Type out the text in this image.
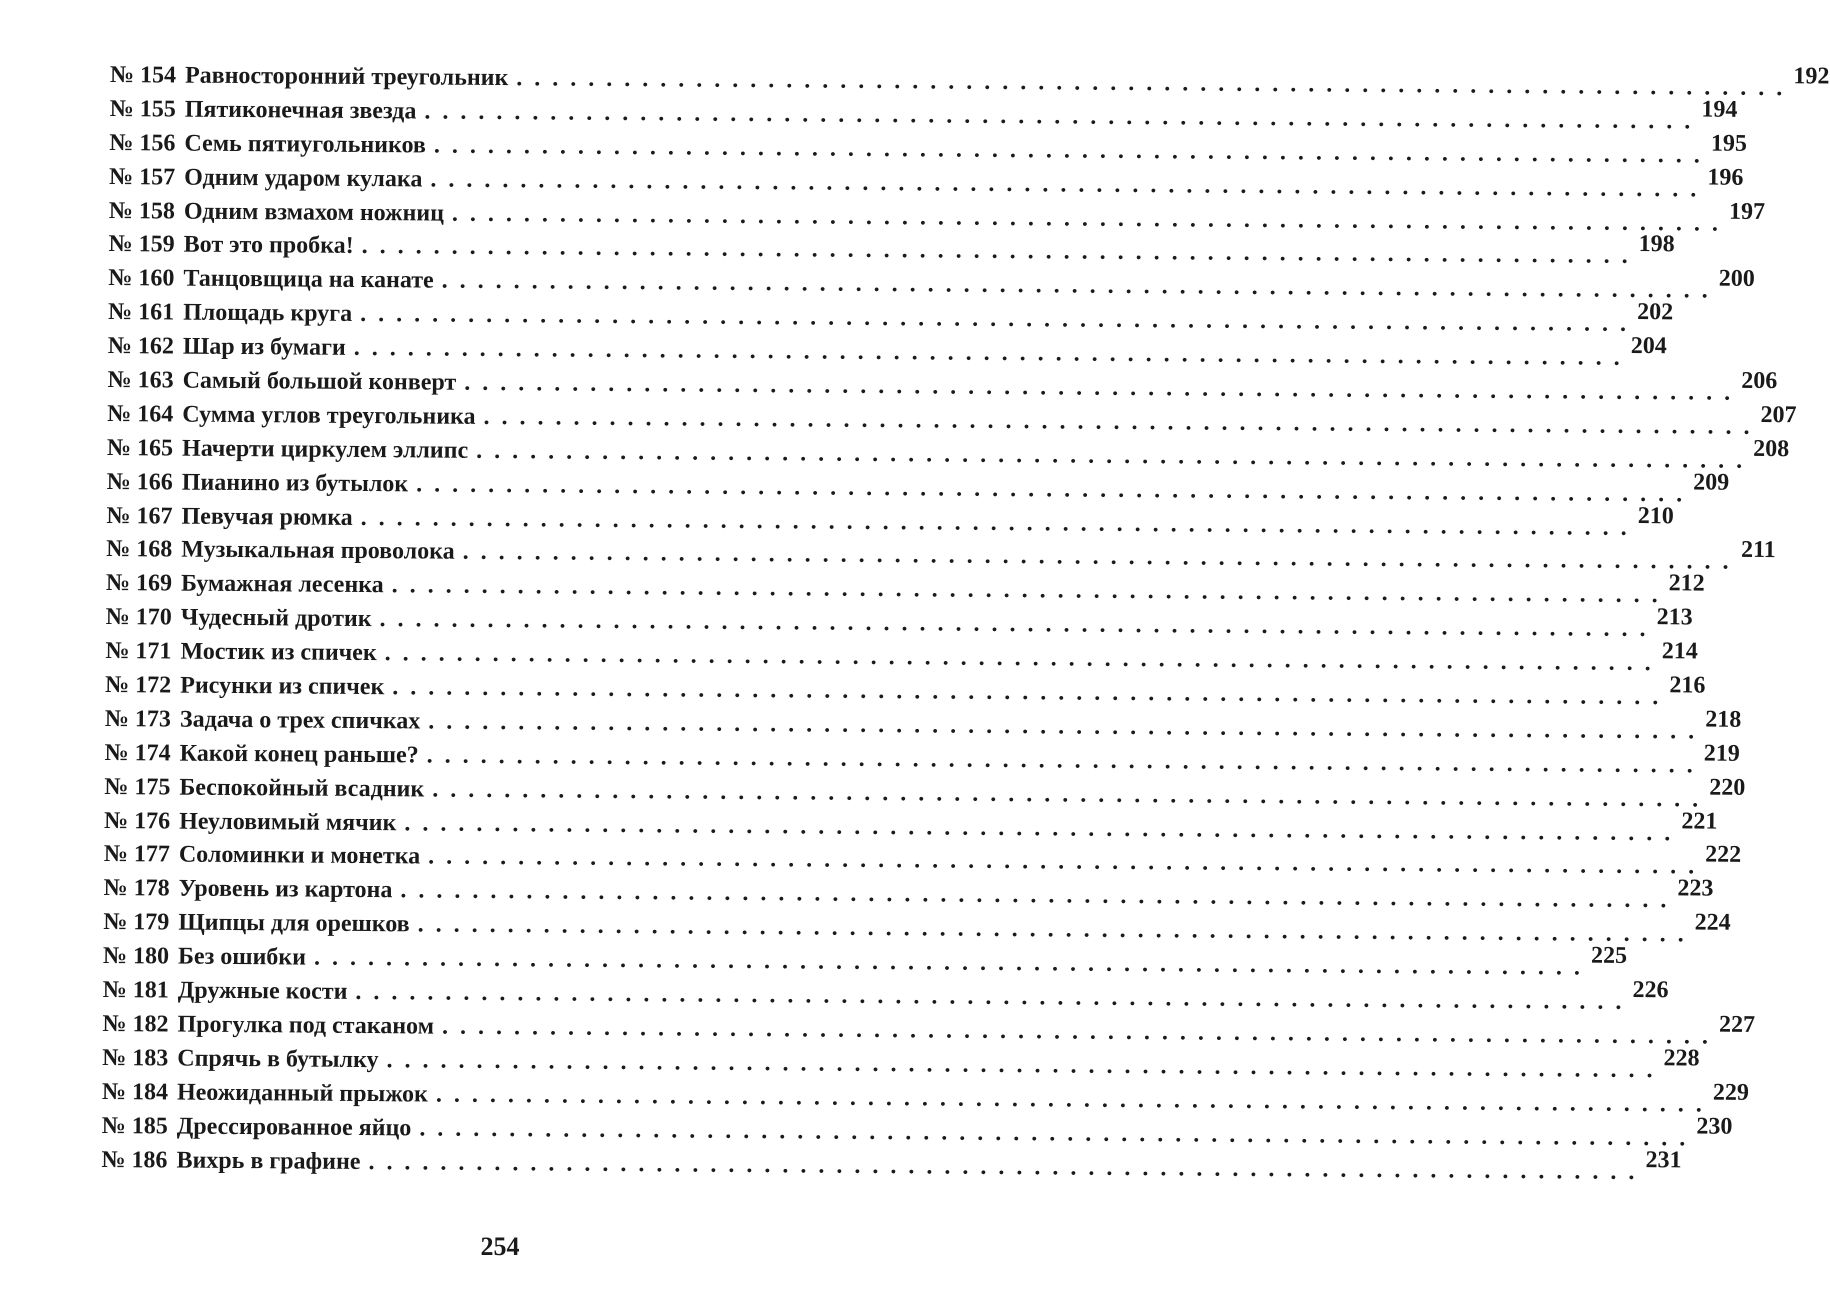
№ 154 Равносторонний треугольник . . . . . . . . . . . . . . . . . . . . . . . . . . . . . . . . . . . . . . . . . . . . . . . . . . . . . . . . . . . . . . . . . . . . . . . 192
№ 155 Пятиконечная звезда . . . . . . . . . . . . . . . . . . . . . . . . . . . . . . . . . . . . . . . . . . . . . . . . . . . . . . . . . . . . . . . . . . . . . . . 194
№ 156 Семь пятиугольников . . . . . . . . . . . . . . . . . . . . . . . . . . . . . . . . . . . . . . . . . . . . . . . . . . . . . . . . . . . . . . . . . . . . . . . 195
№ 157 Одним ударом кулака . . . . . . . . . . . . . . . . . . . . . . . . . . . . . . . . . . . . . . . . . . . . . . . . . . . . . . . . . . . . . . . . . . . . . . . 196
№ 158 Одним взмахом ножниц . . . . . . . . . . . . . . . . . . . . . . . . . . . . . . . . . . . . . . . . . . . . . . . . . . . . . . . . . . . . . . . . . . . . . . . 197
№ 159 Вот это пробка! . . . . . . . . . . . . . . . . . . . . . . . . . . . . . . . . . . . . . . . . . . . . . . . . . . . . . . . . . . . . . . . . . . . . . . . 198
№ 160 Танцовщица на канате . . . . . . . . . . . . . . . . . . . . . . . . . . . . . . . . . . . . . . . . . . . . . . . . . . . . . . . . . . . . . . . . . . . . . . . 200
№ 161 Площадь круга . . . . . . . . . . . . . . . . . . . . . . . . . . . . . . . . . . . . . . . . . . . . . . . . . . . . . . . . . . . . . . . . . . . . . . . 202
№ 162 Шар из бумаги . . . . . . . . . . . . . . . . . . . . . . . . . . . . . . . . . . . . . . . . . . . . . . . . . . . . . . . . . . . . . . . . . . . . . . . 204
№ 163 Самый большой конверт . . . . . . . . . . . . . . . . . . . . . . . . . . . . . . . . . . . . . . . . . . . . . . . . . . . . . . . . . . . . . . . . . . . . . . . 206
№ 164 Сумма углов треугольника . . . . . . . . . . . . . . . . . . . . . . . . . . . . . . . . . . . . . . . . . . . . . . . . . . . . . . . . . . . . . . . . . . . . . . . 207
№ 165 Начерти циркулем эллипс . . . . . . . . . . . . . . . . . . . . . . . . . . . . . . . . . . . . . . . . . . . . . . . . . . . . . . . . . . . . . . . . . . . . . . . 208
№ 166 Пианино из бутылок . . . . . . . . . . . . . . . . . . . . . . . . . . . . . . . . . . . . . . . . . . . . . . . . . . . . . . . . . . . . . . . . . . . . . . . 209
№ 167 Певучая рюмка . . . . . . . . . . . . . . . . . . . . . . . . . . . . . . . . . . . . . . . . . . . . . . . . . . . . . . . . . . . . . . . . . . . . . . . 210
№ 168 Музыкальная проволока . . . . . . . . . . . . . . . . . . . . . . . . . . . . . . . . . . . . . . . . . . . . . . . . . . . . . . . . . . . . . . . . . . . . . . . 211
№ 169 Бумажная лесенка . . . . . . . . . . . . . . . . . . . . . . . . . . . . . . . . . . . . . . . . . . . . . . . . . . . . . . . . . . . . . . . . . . . . . . . 212
№ 170 Чудесный дротик . . . . . . . . . . . . . . . . . . . . . . . . . . . . . . . . . . . . . . . . . . . . . . . . . . . . . . . . . . . . . . . . . . . . . . . 213
№ 171 Мостик из спичек . . . . . . . . . . . . . . . . . . . . . . . . . . . . . . . . . . . . . . . . . . . . . . . . . . . . . . . . . . . . . . . . . . . . . . . 214
№ 172 Рисунки из спичек . . . . . . . . . . . . . . . . . . . . . . . . . . . . . . . . . . . . . . . . . . . . . . . . . . . . . . . . . . . . . . . . . . . . . . . 216
№ 173 Задача о трех спичках . . . . . . . . . . . . . . . . . . . . . . . . . . . . . . . . . . . . . . . . . . . . . . . . . . . . . . . . . . . . . . . . . . . . . . . 218
№ 174 Какой конец раньше? . . . . . . . . . . . . . . . . . . . . . . . . . . . . . . . . . . . . . . . . . . . . . . . . . . . . . . . . . . . . . . . . . . . . . . . 219
№ 175 Беспокойный всадник . . . . . . . . . . . . . . . . . . . . . . . . . . . . . . . . . . . . . . . . . . . . . . . . . . . . . . . . . . . . . . . . . . . . . . . 220
№ 176 Неуловимый мячик . . . . . . . . . . . . . . . . . . . . . . . . . . . . . . . . . . . . . . . . . . . . . . . . . . . . . . . . . . . . . . . . . . . . . . . 221
№ 177 Соломинки и монетка . . . . . . . . . . . . . . . . . . . . . . . . . . . . . . . . . . . . . . . . . . . . . . . . . . . . . . . . . . . . . . . . . . . . . . . 222
№ 178 Уровень из картона . . . . . . . . . . . . . . . . . . . . . . . . . . . . . . . . . . . . . . . . . . . . . . . . . . . . . . . . . . . . . . . . . . . . . . . 223
№ 179 Щипцы для орешков . . . . . . . . . . . . . . . . . . . . . . . . . . . . . . . . . . . . . . . . . . . . . . . . . . . . . . . . . . . . . . . . . . . . . . . 224
№ 180 Без ошибки . . . . . . . . . . . . . . . . . . . . . . . . . . . . . . . . . . . . . . . . . . . . . . . . . . . . . . . . . . . . . . . . . . . . . . . 225
№ 181 Дружные кости . . . . . . . . . . . . . . . . . . . . . . . . . . . . . . . . . . . . . . . . . . . . . . . . . . . . . . . . . . . . . . . . . . . . . . . 226
№ 182 Прогулка под стаканом . . . . . . . . . . . . . . . . . . . . . . . . . . . . . . . . . . . . . . . . . . . . . . . . . . . . . . . . . . . . . . . . . . . . . . . 227
№ 183 Спрячь в бутылку . . . . . . . . . . . . . . . . . . . . . . . . . . . . . . . . . . . . . . . . . . . . . . . . . . . . . . . . . . . . . . . . . . . . . . . 228
№ 184 Неожиданный прыжок . . . . . . . . . . . . . . . . . . . . . . . . . . . . . . . . . . . . . . . . . . . . . . . . . . . . . . . . . . . . . . . . . . . . . . . 229
№ 185 Дрессированное яйцо . . . . . . . . . . . . . . . . . . . . . . . . . . . . . . . . . . . . . . . . . . . . . . . . . . . . . . . . . . . . . . . . . . . . . . . 230
№ 186 Вихрь в графине . . . . . . . . . . . . . . . . . . . . . . . . . . . . . . . . . . . . . . . . . . . . . . . . . . . . . . . . . . . . . . . . . . . . . . . 231
254
